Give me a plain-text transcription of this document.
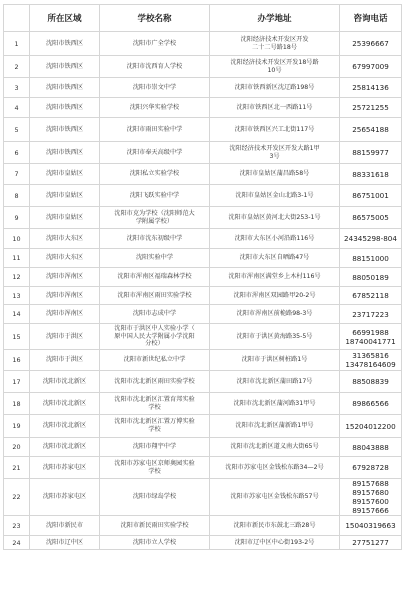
	所在区域	学校名称	办学地址	咨询电话
1	沈阳市铁西区	沈阳市广全学校	沈阳经济技术开发区开发
二十二号路18号	25396667
2	沈阳市铁西区	沈阳市沈西育人学校	沈阳经济技术开发区开发18号路
10号	67997009
3	沈阳市铁西区	沈阳市崇文中学	沈阳市铁西新区沈辽路198号	25814136
4	沈阳市铁西区	沈阳兴华实验学校	沈阳市铁西区北一西路11号	25721255
5	沈阳市铁西区	沈阳市雨田实验中学	沈阳市铁西区兴工北街117号	25654188
6	沈阳市铁西区	沈阳市奉天高级中学	沈阳经济技术开发区开发大路1甲
3号	88159977
7	沈阳市皇姑区	沈阳私立实验学校	沈阳市皇姑区蒲昌路58号	88331618
8	沈阳市皇姑区	沈阳飞跃实验中学	沈阳市皇姑区金山北路3-1号	86751001
9	沈阳市皇姑区	沈阳市克为学校（沈阳师范大
学附属学校）	沈阳市皇姑区黄河北大街253-1号	86575005
10	沈阳市大东区	沈阳市沈东初级中学	沈阳市大东区小河沿路116号	24345298-804
11	沈阳市大东区	沈阳实验中学	沈阳市大东区自晒路47号	88151000
12	沈阳市浑南区	沈阳市浑南区福瑞森林学校	沈阳市浑南区满堂乡上木村116号	88050189
13	沈阳市浑南区	沈阳市浑南区雨田实验学校	沈阳市浑南区双园路甲20-2号	67852118
14	沈阳市浑南区	沈阳市志成中学	沈阳市浑南区前桅路98-3号	23717223
15	沈阳市于洪区	沈阳市于洪区中人实验小学（
原中国人民大学附属小学沈阳
分校）	沈阳市于洪区黄海路35-5号	66991988
18740041771
16	沈阳市于洪区	沈阳市新世纪私立中学	沈阳市于洪区树桩路1号	31365816
13478164609
17	沈阳市沈北新区	沈阳市沈北新区雨田实验学校	沈阳市沈北新区蒲田路17号	88508839
18	沈阳市沈北新区	沈阳市沈北新区汇置育邦实验
学校	沈阳市沈北新区蒲河路31甲号	89866566
19	沈阳市沈北新区	沈阳市沈北新区汇置万博实验
学校	沈阳市沈北新区蒲新路1甲号	15204012200
20	沈阳市沈北新区	沈阳市翔宇中学	沈阳市沈北新区道义南大街65号	88043888
21	沈阳市苏家屯区	沈阳市苏家屯区京师奥园实验
学校	沈阳市苏家屯区金钱松东路34—2号	67928728
22	沈阳市苏家屯区	沈阳市绿岛学校	沈阳市苏家屯区金钱松东路57号	89157688
89157680
89157600
89157666
23	沈阳市新民市	沈阳市新民雨田实验学校	沈阳市新民市东鼓北三路28号	15040319663
24	沈阳市辽中区	沈阳市立人学校	沈阳市辽中区中心街193-2号	27751277
